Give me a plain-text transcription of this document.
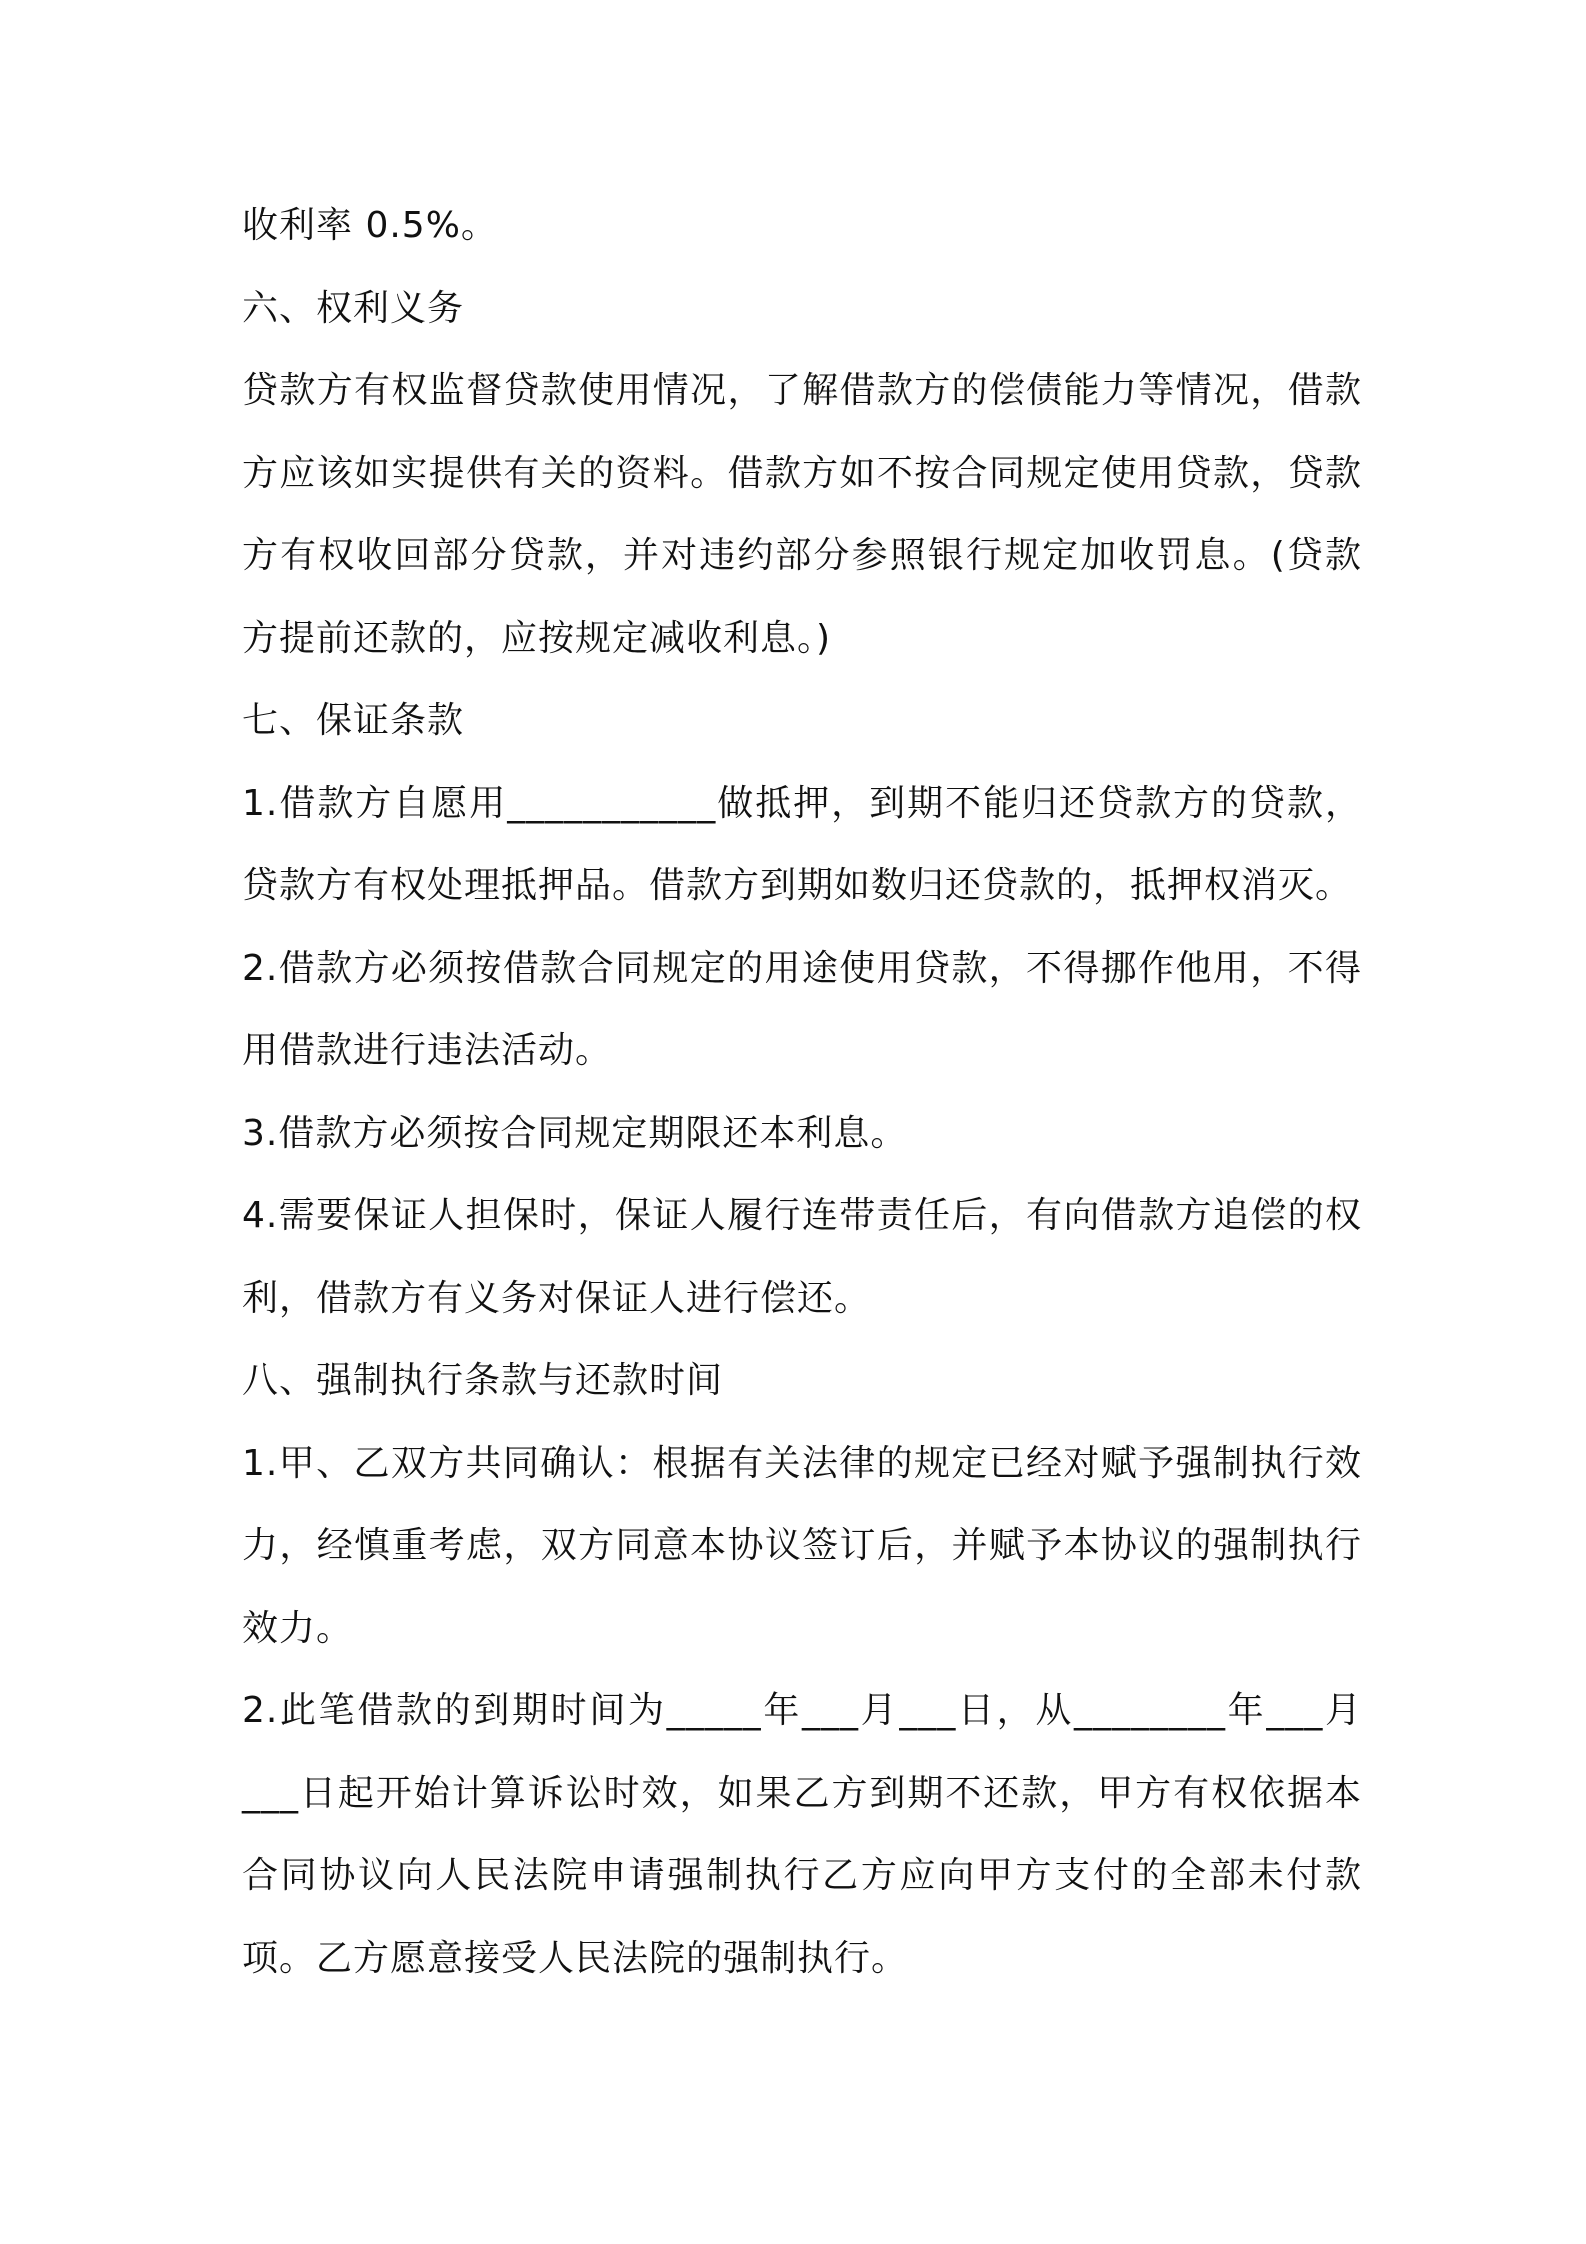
收利率 0.5%。

六、权利义务

贷款方有权监督贷款使用情况，了解借款方的偿债能力等情况，借款方应该如实提供有关的资料。借款方如不按合同规定使用贷款，贷款方有权收回部分贷款，并对违约部分参照银行规定加收罚息。(贷款方提前还款的，应按规定减收利息。)

七、保证条款

1.借款方自愿用___________做抵押，到期不能归还贷款方的贷款，贷款方有权处理抵押品。借款方到期如数归还贷款的，抵押权消灭。

2.借款方必须按借款合同规定的用途使用贷款，不得挪作他用，不得用借款进行违法活动。

3.借款方必须按合同规定期限还本利息。

4.需要保证人担保时，保证人履行连带责任后，有向借款方追偿的权利，借款方有义务对保证人进行偿还。

八、强制执行条款与还款时间

1.甲、乙双方共同确认：根据有关法律的规定已经对赋予强制执行效力，经慎重考虑，双方同意本协议签订后，并赋予本协议的强制执行效力。

2.此笔借款的到期时间为_____年___月___日，从________年___月___日起开始计算诉讼时效，如果乙方到期不还款，甲方有权依据本合同协议向人民法院申请强制执行乙方应向甲方支付的全部未付款项。乙方愿意接受人民法院的强制执行。
